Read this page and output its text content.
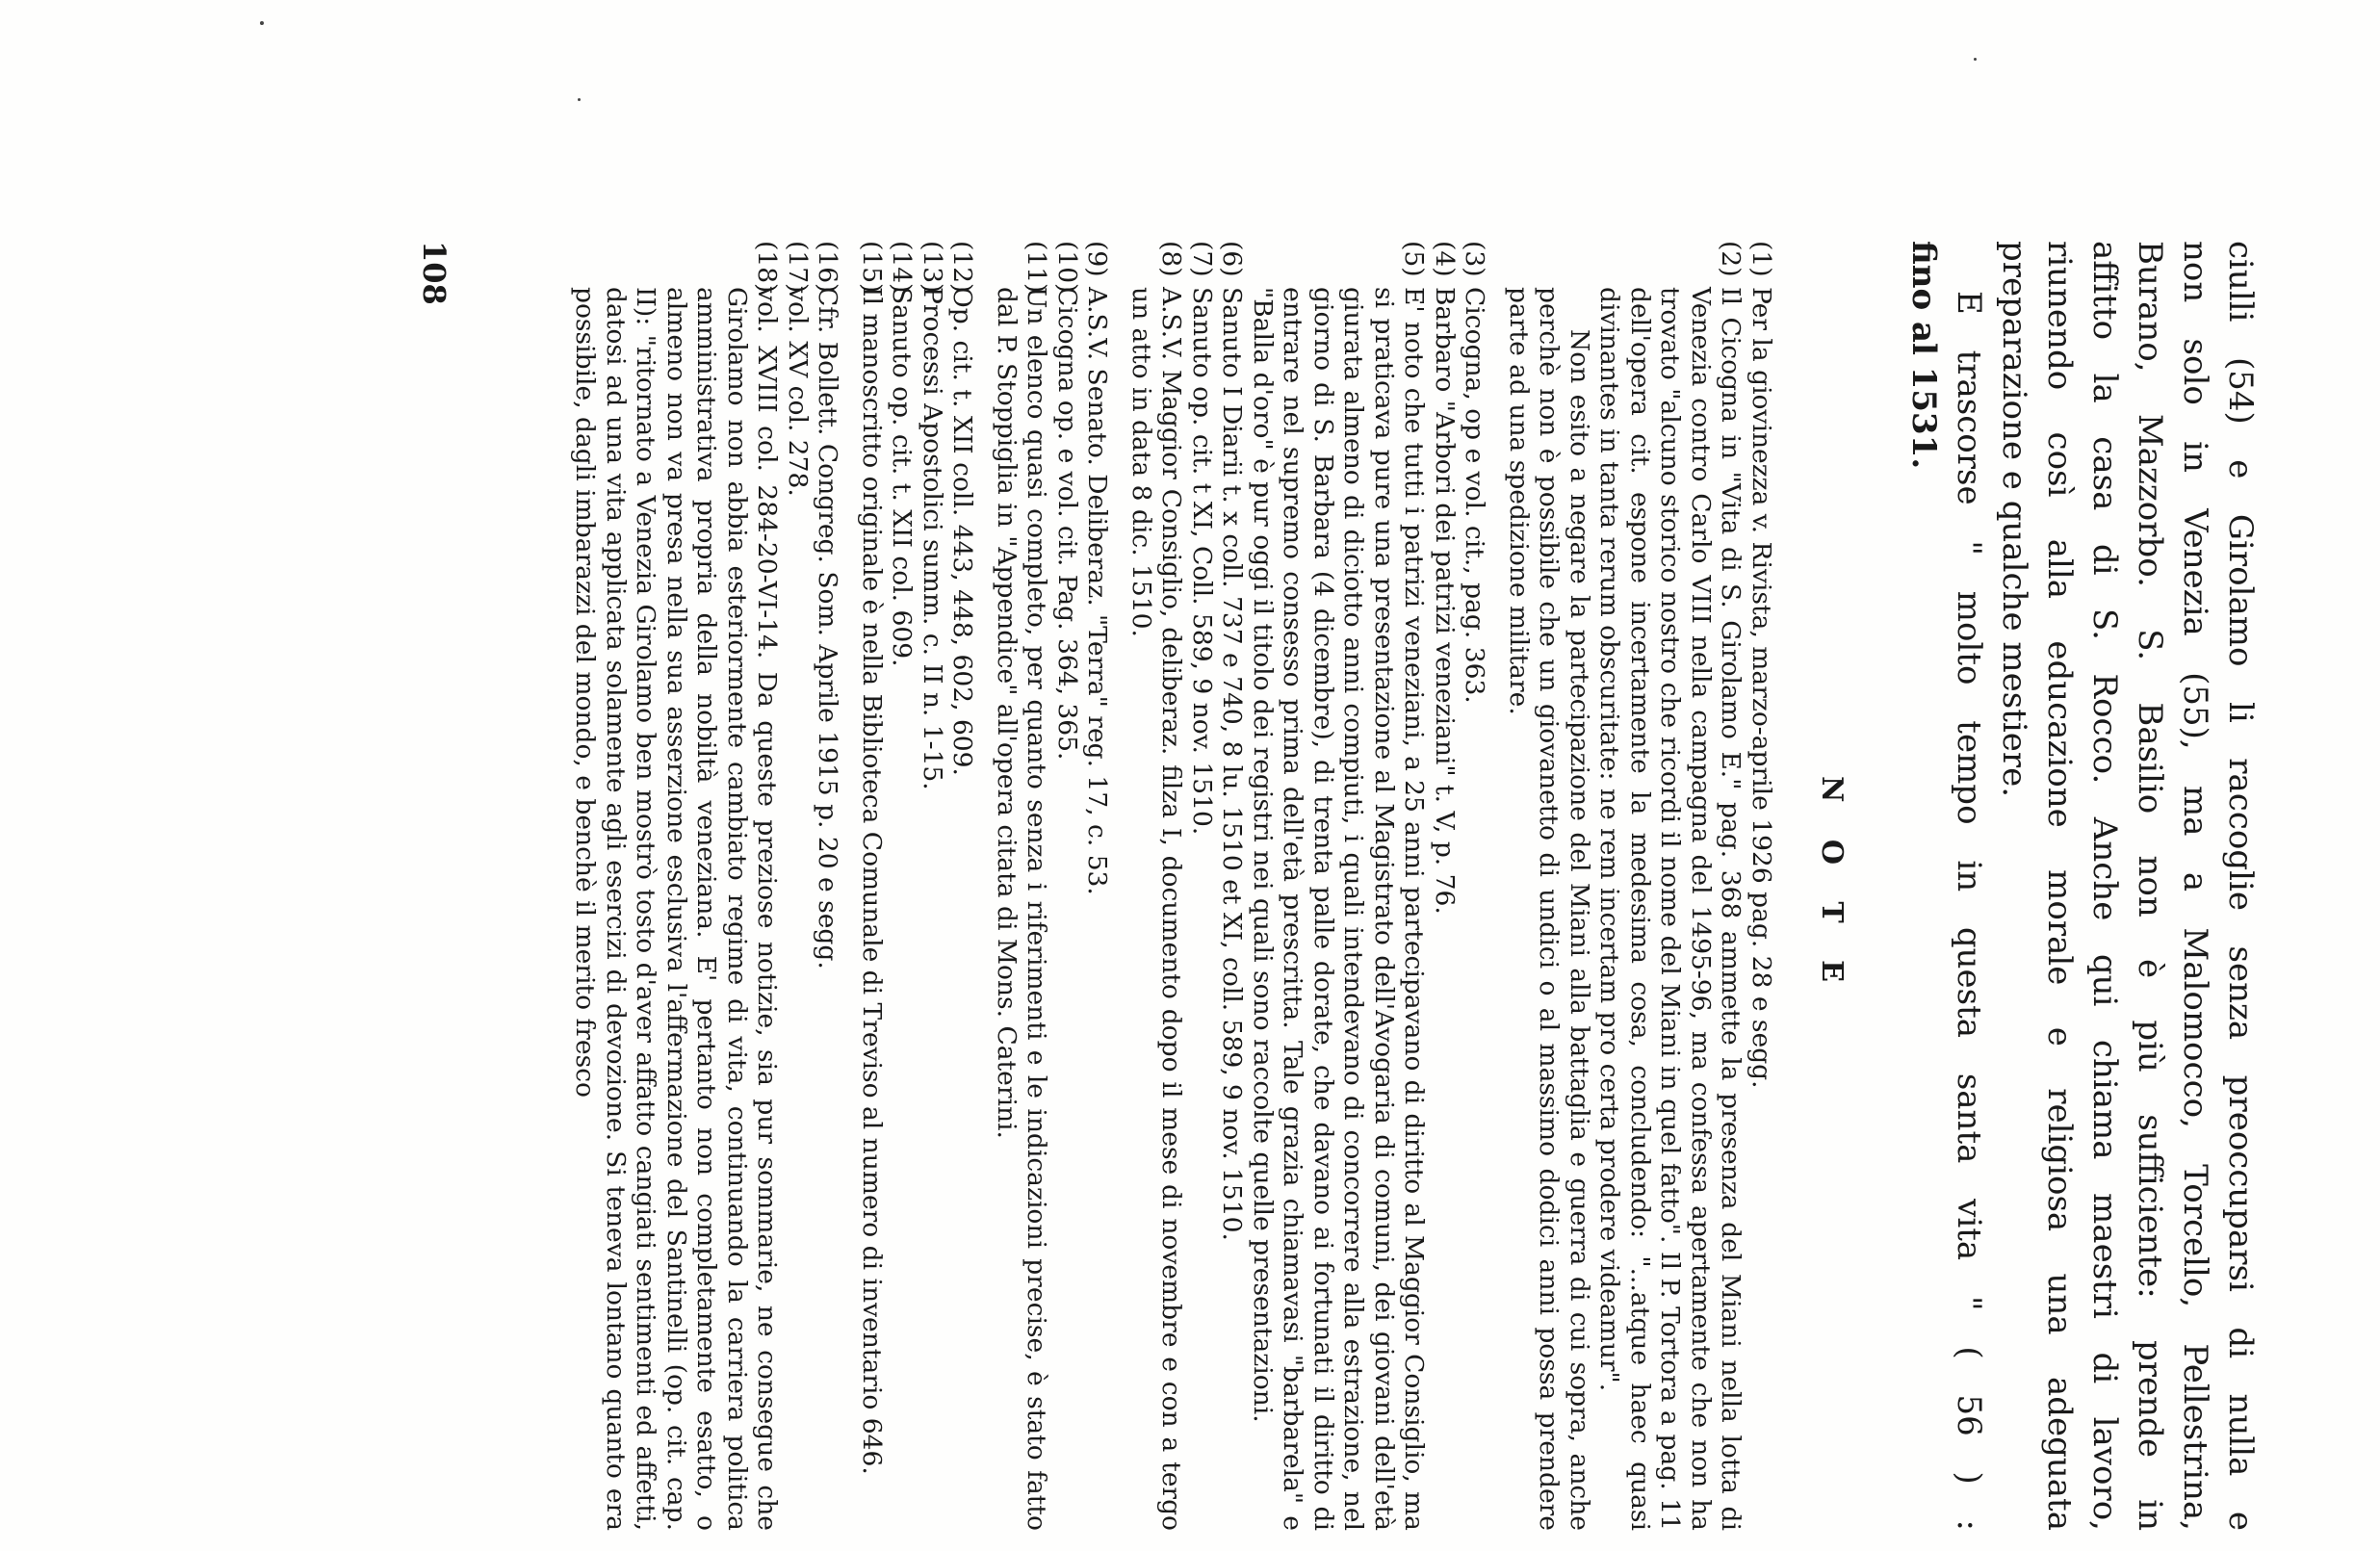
ciulli (54) e Girolamo li raccoglie senza preoccuparsi di nulla e
non solo in Venezia (55), ma a Malomocco, Torcello, Pellestrina,
Burano, Mazzorbo. S. Basilio non è più sufficiente: prende in
affitto la casa di S. Rocco. Anche qui chiama maestri di lavoro,
riunendo così alla educazione morale e religiosa una adeguata
preparazione e qualche mestiere.
E trascorse " molto tempo in questa santa vita " ( 56 ) :
fino al 1531.
N O T E
(1)
Per la giovinezza v. Rivista, marzo-aprile 1926 pag. 28 e segg.
(2)
Il Cicogna in "Vita di S. Girolamo E." pag. 368 ammette la presenza del Miani nella lotta di Venezia contro Carlo VIII nella campagna del 1495-96, ma confessa apertamente che non ha trovato "alcuno storico nostro che ricordi il nome del Miani in quel fatto". Il P. Tortora a pag. 11 dell'opera cit. espone incertamente la medesima cosa, concludendo: "...atque haec quasi divinantes in tanta rerum obscuritate: ne rem incertam pro certa prodere videamur".
Non esito a negare la partecipazione del Miani alla battaglia e guerra di cui sopra, anche perchè non è possibile che un giovanetto di undici o al massimo dodici anni possa prendere parte ad una spedizione militare.
(3)
Cicogna, op e vol. cit., pag. 363.
(4)
Barbaro "Arbori dei patrizi veneziani" t. V, p. 76.
(5)
E' noto che tutti i patrizi veneziani, a 25 anni partecipavano di diritto al Maggior Consiglio, ma si praticava pure una presentazione al Magistrato dell'Avogaria di comuni, dei giovani dell'età giurata almeno di diciotto anni compiuti, i quali intendevano di concorrere alla estrazione, nel giorno di S. Barbara (4 dicembre), di trenta palle dorate, che davano ai fortunati il diritto di entrare nel supremo consesso prima dell'età prescritta. Tale grazia chiamavasi "barbarela" e "Balla d'oro" è pur oggi il titolo dei registri nei quali sono raccolte quelle presentazioni.
(6)
Sanuto I Diarii t. x coll. 737 e 740, 8 lu. 1510 et XI, coll. 589, 9 nov. 1510.
(7)
Sanuto op. cit. t XI, Coll. 589, 9 nov. 1510.
(8)
A.S.V. Maggior Consiglio, deliberaz. filza I, documento dopo il mese di novembre e con a tergo un atto in data 8 dic. 1510.
(9)
A.S.V. Senato. Deliberaz. "Terra" reg. 17, c. 53.
(10)
Cicogna op. e vol. cit. Pag. 364, 365.
(11)
Un elenco quasi completo, per quanto senza i riferimenti e le indicazioni precise, è stato fatto dal P. Stoppiglia in "Appendice" all'opera citata di Mons. Caterini.
(12)
Op. cit. t. XII coll. 443, 448, 602, 609.
(13)
Processi Apostolici summ. c. II n. 1-15.
(14)
Sanuto op. cit. t. XII col. 609.
(15)
Il manoscritto originale è nella Biblioteca Comunale di Treviso al numero di inventario 646.
(16)
Cfr. Bollett. Congreg. Som. Aprile 1915 p. 20 e segg.
(17)
vol. XV col. 278.
(18)
vol. XVIII col. 284-20-VI-14. Da queste preziose notizie, sia pur sommarie, ne consegue che Girolamo non abbia esteriormente cambiato regime di vita, continuando la carriera politica amministrativa propria della nobiltà veneziana. E' pertanto non completamente esatto, o almeno non va presa nella sua asserzione esclusiva l'affermazione del Santinelli (op. cit. cap. II): "ritornato a Venezia Girolamo ben mostrò tosto d'aver affatto cangiati sentimenti ed affetti, datosi ad una vita applicata solamente agli esercizi di devozione. Si teneva lontano quanto era possibile, dagli imbarazzi del mondo, e benchè il merito fresco
108
